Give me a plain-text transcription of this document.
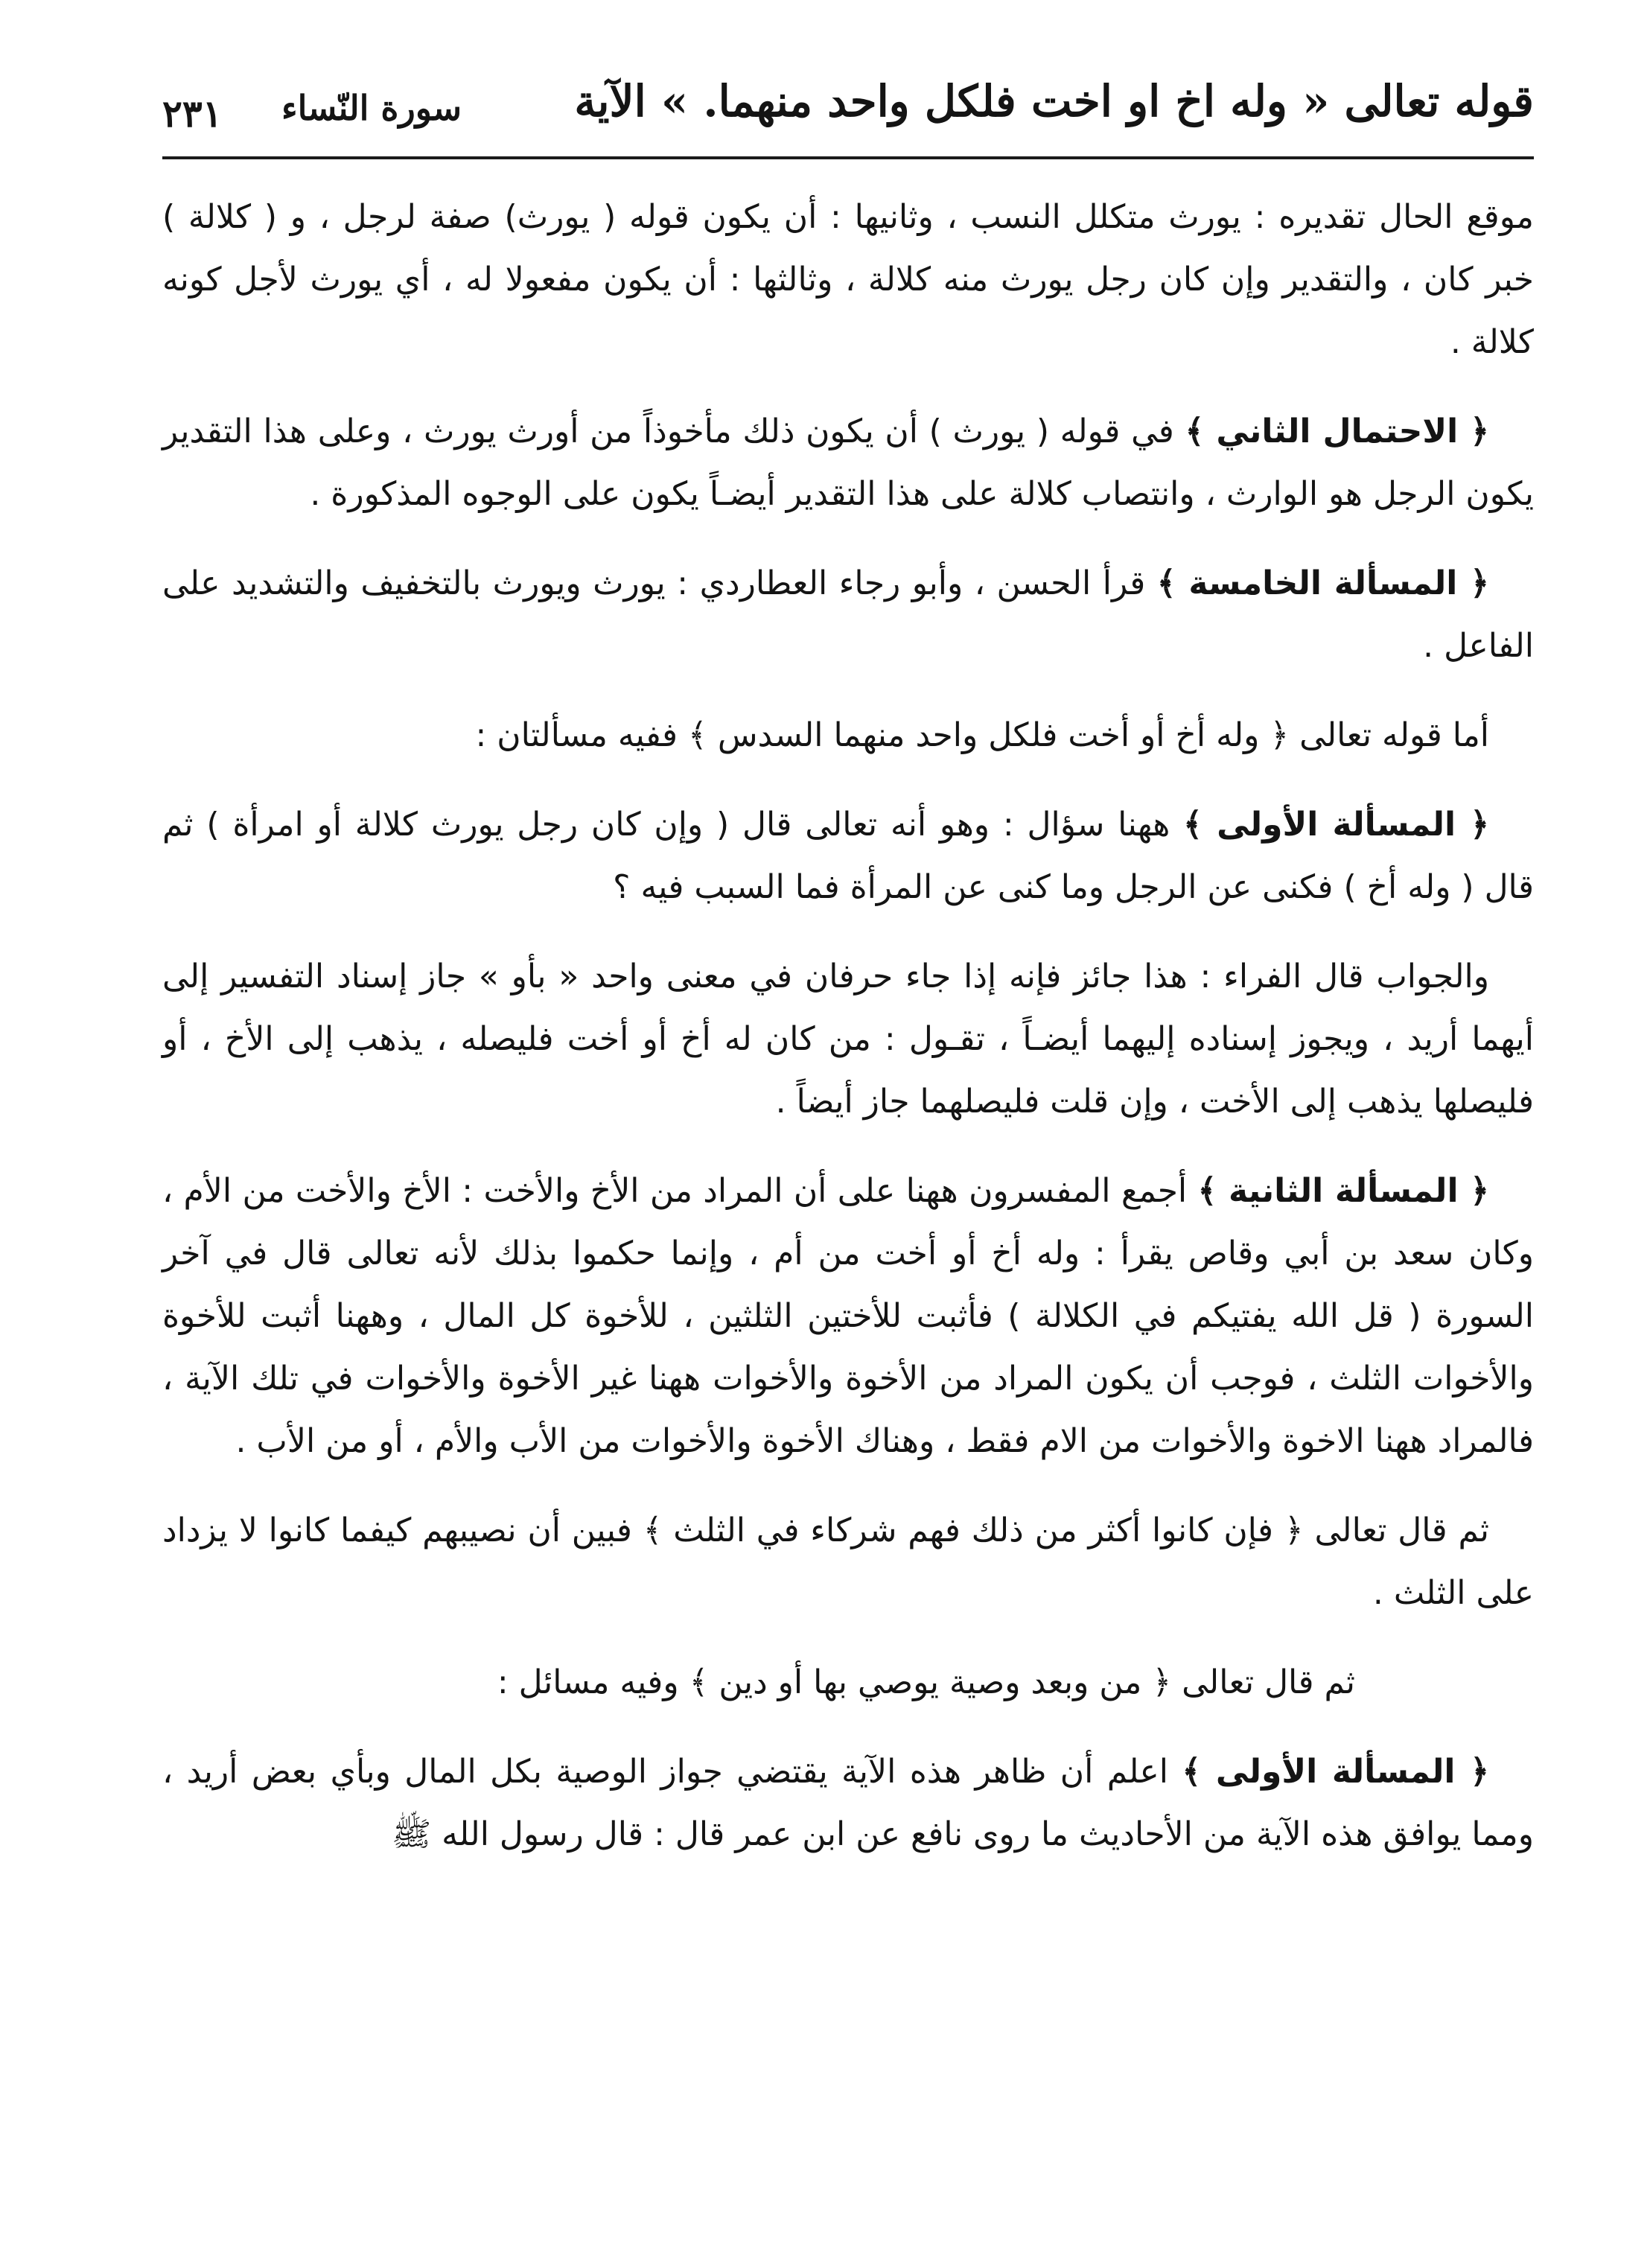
قوله تعالى « وله اخ او اخت فلكل واحد منهما. » الآية
سورة النّساء
٢٣١

موقع الحال تقديره : يورث متكلل النسب ، وثانيها : أن يكون قوله ( يورث) صفة لرجل ، و ( كلالة ) خبر كان ، والتقدير وإن كان رجل يورث منه كلالة ، وثالثها : أن يكون مفعولا له ، أي يورث لأجل كونه كلالة .

﴿ الاحتمال الثاني ﴾ في قوله ( يورث ) أن يكون ذلك مأخوذاً من أورث يورث ، وعلى هذا التقدير يكون الرجل هو الوارث ، وانتصاب كلالة على هذا التقدير أيضـاً يكون على الوجوه المذكورة .

﴿ المسألة الخامسة ﴾ قرأ الحسن ، وأبو رجاء العطاردي : يورث ويورث بالتخفيف والتشديد على الفاعل .

أما قوله تعالى ﴿ وله أخ أو أخت فلكل واحد منهما السدس ﴾ ففيه مسألتان :

﴿ المسألة الأولى ﴾ ههنا سؤال : وهو أنه تعالى قال ( وإن كان رجل يورث كلالة أو امرأة ) ثم قال ( وله أخ ) فكنى عن الرجل وما كنى عن المرأة فما السبب فيه ؟

والجواب قال الفراء : هذا جائز فإنه إذا جاء حرفان في معنى واحد « بأو » جاز إسناد التفسير إلى أيهما أريد ، ويجوز إسناده إليهما أيضـاً ، تقـول : من كان له أخ أو أخت فليصله ، يذهب إلى الأخ ، أو فليصلها يذهب إلى الأخت ، وإن قلت فليصلهما جاز أيضاً .

﴿ المسألة الثانية ﴾ أجمع المفسرون ههنا على أن المراد من الأخ والأخت : الأخ والأخت من الأم ، وكان سعد بن أبي وقاص يقرأ : وله أخ أو أخت من أم ، وإنما حكموا بذلك لأنه تعالى قال في آخر السورة ( قل الله يفتيكم في الكلالة ) فأثبت للأختين الثلثين ، للأخوة كل المال ، وههنا أثبت للأخوة والأخوات الثلث ، فوجب أن يكون المراد من الأخوة والأخوات ههنا غير الأخوة والأخوات في تلك الآية ، فالمراد ههنا الاخوة والأخوات من الام فقط ، وهناك الأخوة والأخوات من الأب والأم ، أو من الأب .

ثم قال تعالى ﴿ فإن كانوا أكثر من ذلك فهم شركاء في الثلث ﴾ فبين أن نصيبهم كيفما كانوا لا يزداد على الثلث .

ثم قال تعالى ﴿ من وبعد وصية يوصي بها أو دين ﴾ وفيه مسائل :

﴿ المسألة الأولى ﴾ اعلم أن ظاهر هذه الآية يقتضي جواز الوصية بكل المال وبأي بعض أريد ، ومما يوافق هذه الآية من الأحاديث ما روى نافع عن ابن عمر قال : قال رسول الله ﷺ
